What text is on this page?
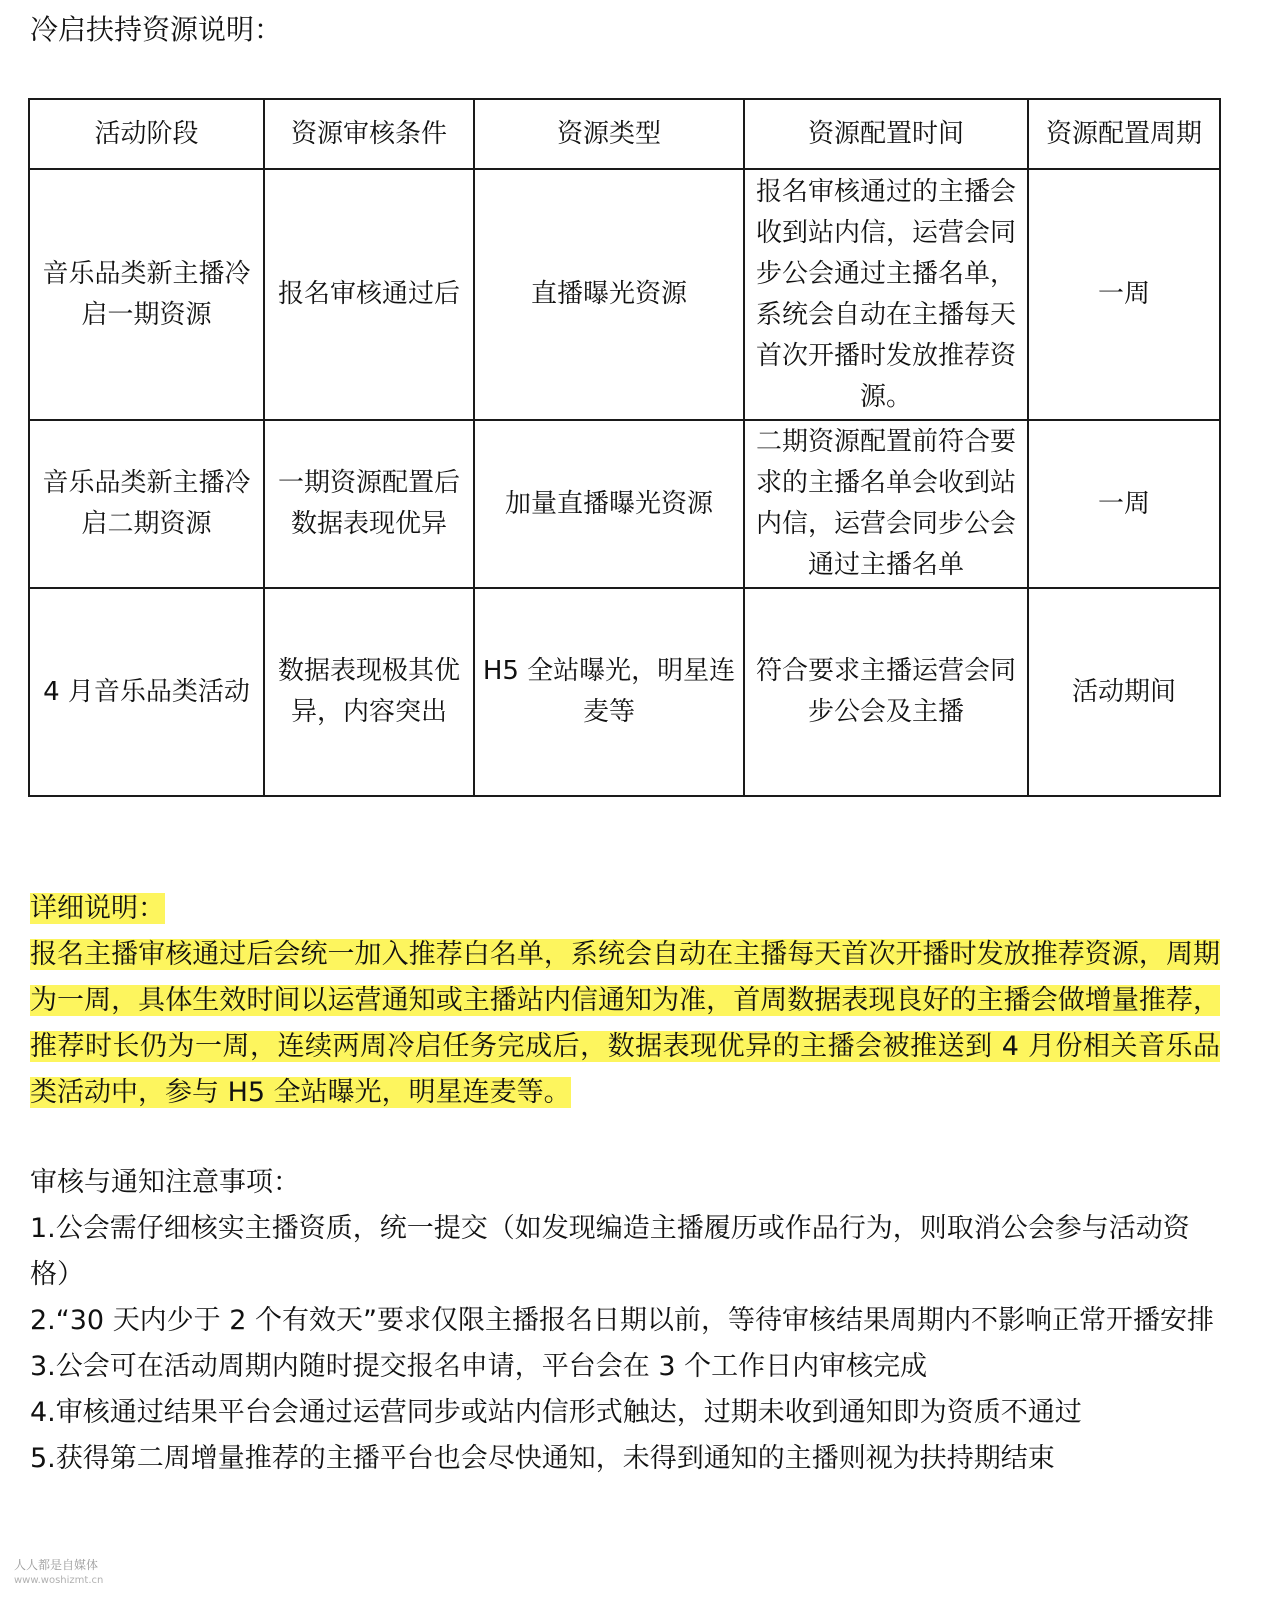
冷启扶持资源说明：
活动阶段	资源审核条件	资源类型	资源配置时间	资源配置周期
音乐品类新主播冷启一期资源	报名审核通过后	直播曝光资源	报名审核通过的主播会收到站内信，运营会同步公会通过主播名单，系统会自动在主播每天首次开播时发放推荐资源。	一周
音乐品类新主播冷启二期资源	一期资源配置后数据表现优异	加量直播曝光资源	二期资源配置前符合要求的主播名单会收到站内信，运营会同步公会通过主播名单	一周
4 月音乐品类活动	数据表现极其优异，内容突出	H5 全站曝光，明星连麦等	符合要求主播运营会同步公会及主播	活动期间
详细说明：
报名主播审核通过后会统一加入推荐白名单，系统会自动在主播每天首次开播时发放推荐资源，周期为一周，具体生效时间以运营通知或主播站内信通知为准，首周数据表现良好的主播会做增量推荐，推荐时长仍为一周，连续两周冷启任务完成后，数据表现优异的主播会被推送到 4 月份相关音乐品类活动中，参与 H5 全站曝光，明星连麦等。

审核与通知注意事项：

1.公会需仔细核实主播资质，统一提交（如发现编造主播履历或作品行为，则取消公会参与活动资格）

2.“30 天内少于 2 个有效天”要求仅限主播报名日期以前，等待审核结果周期内不影响正常开播安排

3.公会可在活动周期内随时提交报名申请，平台会在 3 个工作日内审核完成

4.审核通过结果平台会通过运营同步或站内信形式触达，过期未收到通知即为资质不通过

5.获得第二周增量推荐的主播平台也会尽快通知，未得到通知的主播则视为扶持期结束

人人都是自媒体
www.woshizmt.cn
